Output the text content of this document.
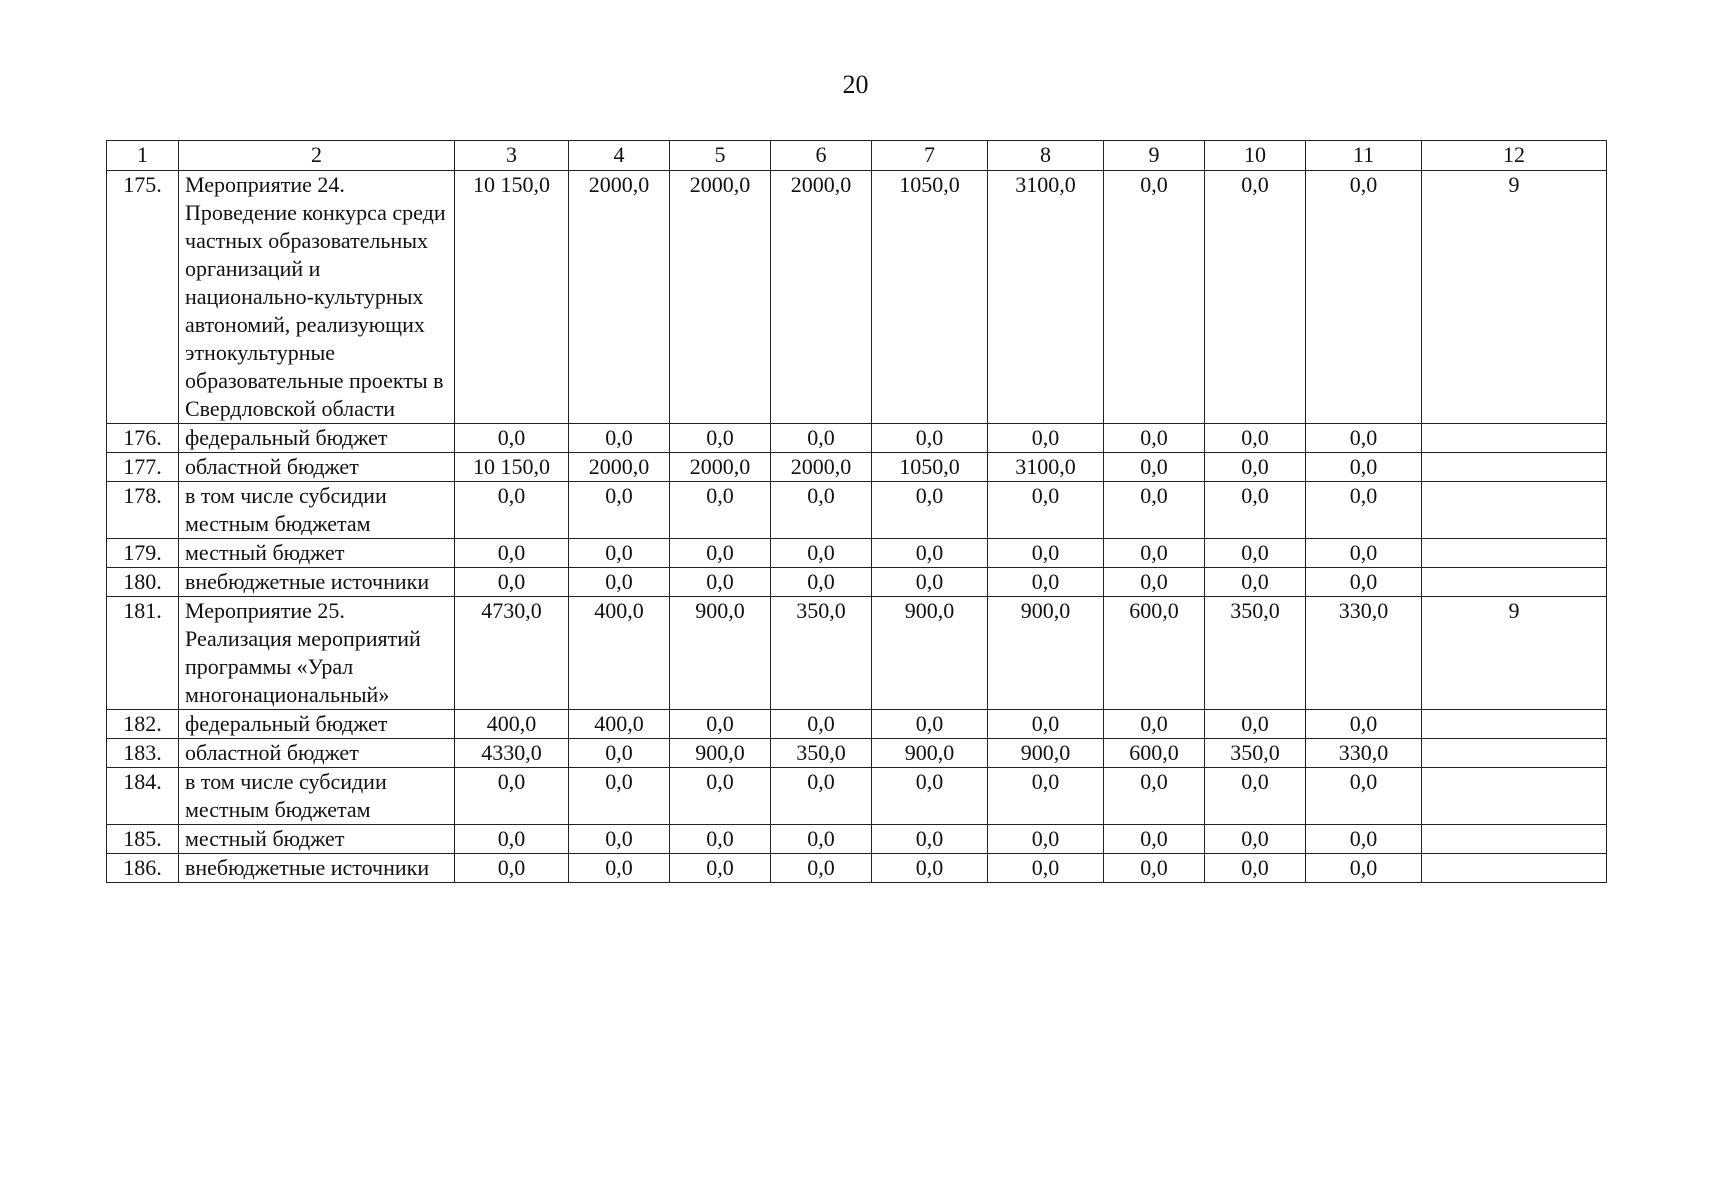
20
1	2	3	4	5	6	7	8	9	10	11	12
175.	Мероприятие 24. Проведение конкурса среди частных образовательных организаций и национально-культурных автономий, реализующих этнокультурные образовательные проекты в Свердловской области	10 150,0	2000,0	2000,0	2000,0	1050,0	3100,0	0,0	0,0	0,0	9
176.	федеральный бюджет	0,0	0,0	0,0	0,0	0,0	0,0	0,0	0,0	0,0	
177.	областной бюджет	10 150,0	2000,0	2000,0	2000,0	1050,0	3100,0	0,0	0,0	0,0	
178.	в том числе субсидии местным бюджетам	0,0	0,0	0,0	0,0	0,0	0,0	0,0	0,0	0,0	
179.	местный бюджет	0,0	0,0	0,0	0,0	0,0	0,0	0,0	0,0	0,0	
180.	внебюджетные источники	0,0	0,0	0,0	0,0	0,0	0,0	0,0	0,0	0,0	
181.	Мероприятие 25. Реализация мероприятий программы «Урал многонациональный»	4730,0	400,0	900,0	350,0	900,0	900,0	600,0	350,0	330,0	9
182.	федеральный бюджет	400,0	400,0	0,0	0,0	0,0	0,0	0,0	0,0	0,0	
183.	областной бюджет	4330,0	0,0	900,0	350,0	900,0	900,0	600,0	350,0	330,0	
184.	в том числе субсидии местным бюджетам	0,0	0,0	0,0	0,0	0,0	0,0	0,0	0,0	0,0	
185.	местный бюджет	0,0	0,0	0,0	0,0	0,0	0,0	0,0	0,0	0,0	
186.	внебюджетные источники	0,0	0,0	0,0	0,0	0,0	0,0	0,0	0,0	0,0	
